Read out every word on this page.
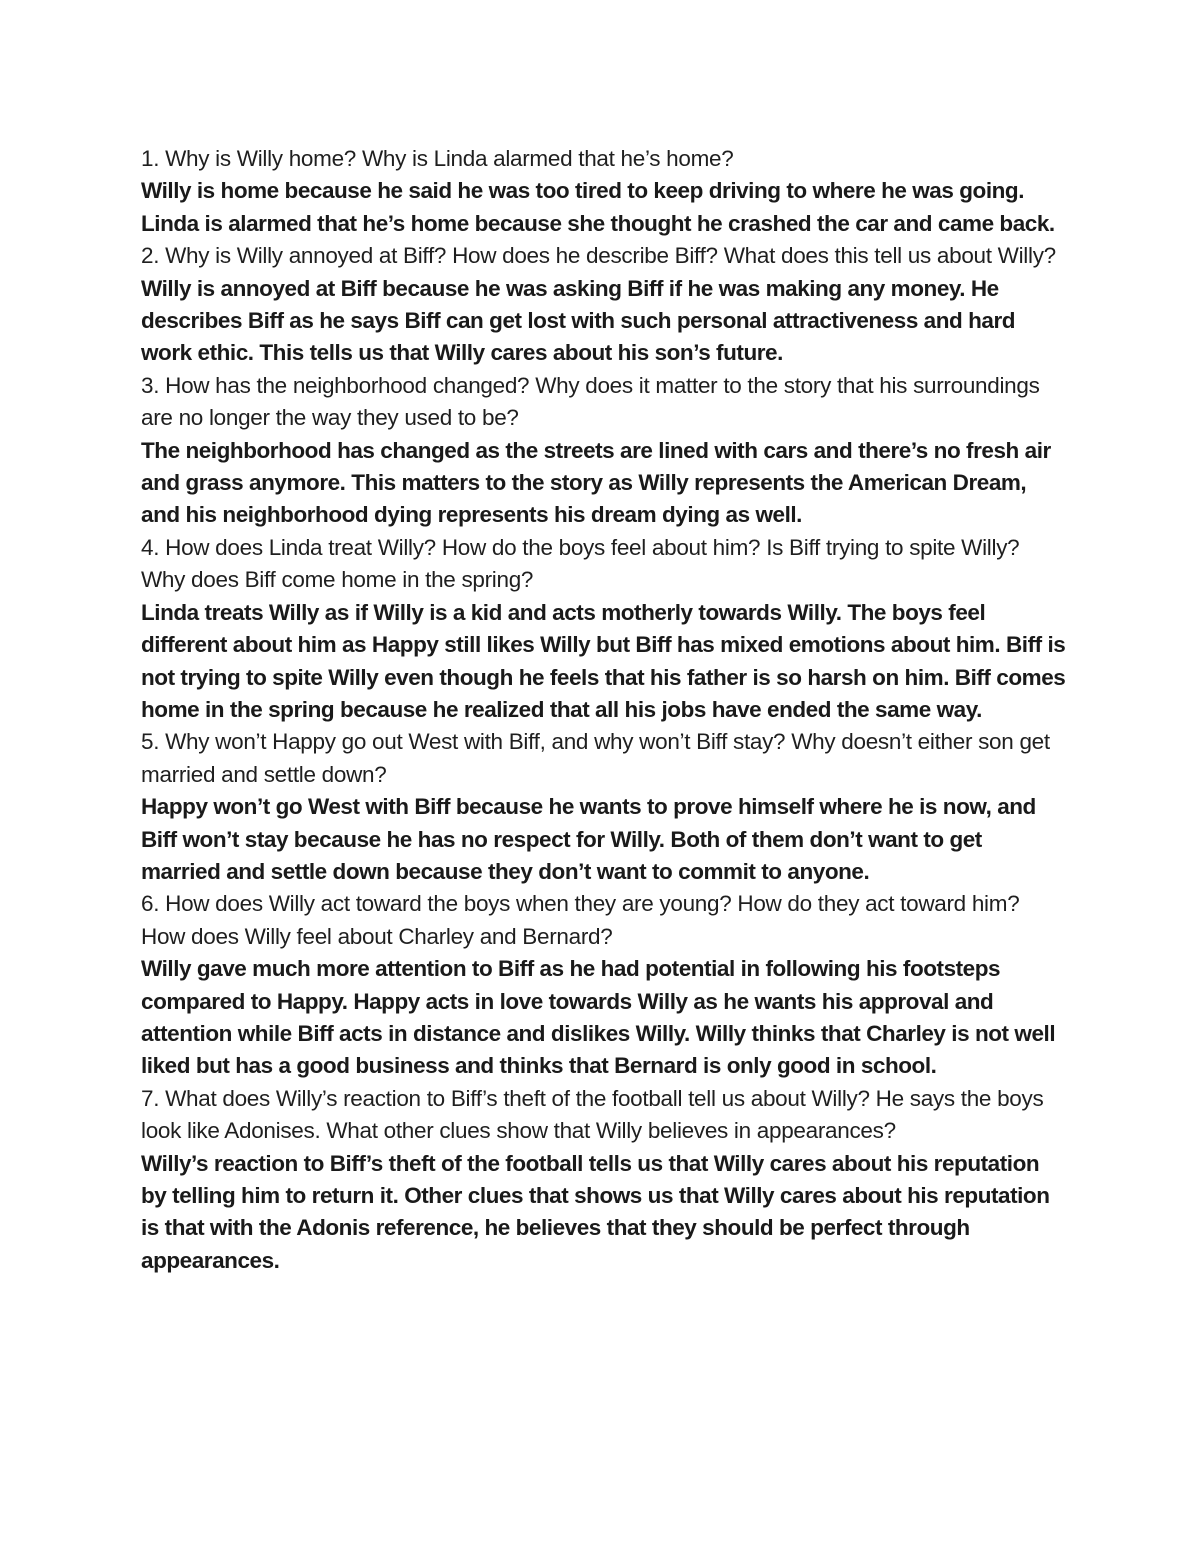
1. Why is Willy home? Why is Linda alarmed that he’s home?

Willy is home because he said he was too tired to keep driving to where he was going. Linda is alarmed that he’s home because she thought he crashed the car and came back.

2. Why is Willy annoyed at Biff? How does he describe Biff? What does this tell us about Willy?

Willy is annoyed at Biff because he was asking Biff if he was making any money. He describes Biff as he says Biff can get lost with such personal attractiveness and hard work ethic. This tells us that Willy cares about his son’s future.

3. How has the neighborhood changed? Why does it matter to the story that his surroundings are no longer the way they used to be?

The neighborhood has changed as the streets are lined with cars and there’s no fresh air and grass anymore. This matters to the story as Willy represents the American Dream, and his neighborhood dying represents his dream dying as well.

4. How does Linda treat Willy? How do the boys feel about him? Is Biff trying to spite Willy? Why does Biff come home in the spring?

Linda treats Willy as if Willy is a kid and acts motherly towards Willy. The boys feel different about him as Happy still likes Willy but Biff has mixed emotions about him. Biff is not trying to spite Willy even though he feels that his father is so harsh on him. Biff comes home in the spring because he realized that all his jobs have ended the same way.

5. Why won’t Happy go out West with Biff, and why won’t Biff stay? Why doesn’t either son get married and settle down?

Happy won’t go West with Biff because he wants to prove himself where he is now, and Biff won’t stay because he has no respect for Willy. Both of them don’t want to get married and settle down because they don’t want to commit to anyone.

6. How does Willy act toward the boys when they are young? How do they act toward him? How does Willy feel about Charley and Bernard?

Willy gave much more attention to Biff as he had potential in following his footsteps compared to Happy. Happy acts in love towards Willy as he wants his approval and attention while Biff acts in distance and dislikes Willy. Willy thinks that Charley is not well liked but has a good business and thinks that Bernard is only good in school.

7. What does Willy’s reaction to Biff’s theft of the football tell us about Willy? He says the boys look like Adonises. What other clues show that Willy believes in appearances?

Willy’s reaction to Biff’s theft of the football tells us that Willy cares about his reputation by telling him to return it. Other clues that shows us that Willy cares about his reputation is that with the Adonis reference, he believes that they should be perfect through appearances.
